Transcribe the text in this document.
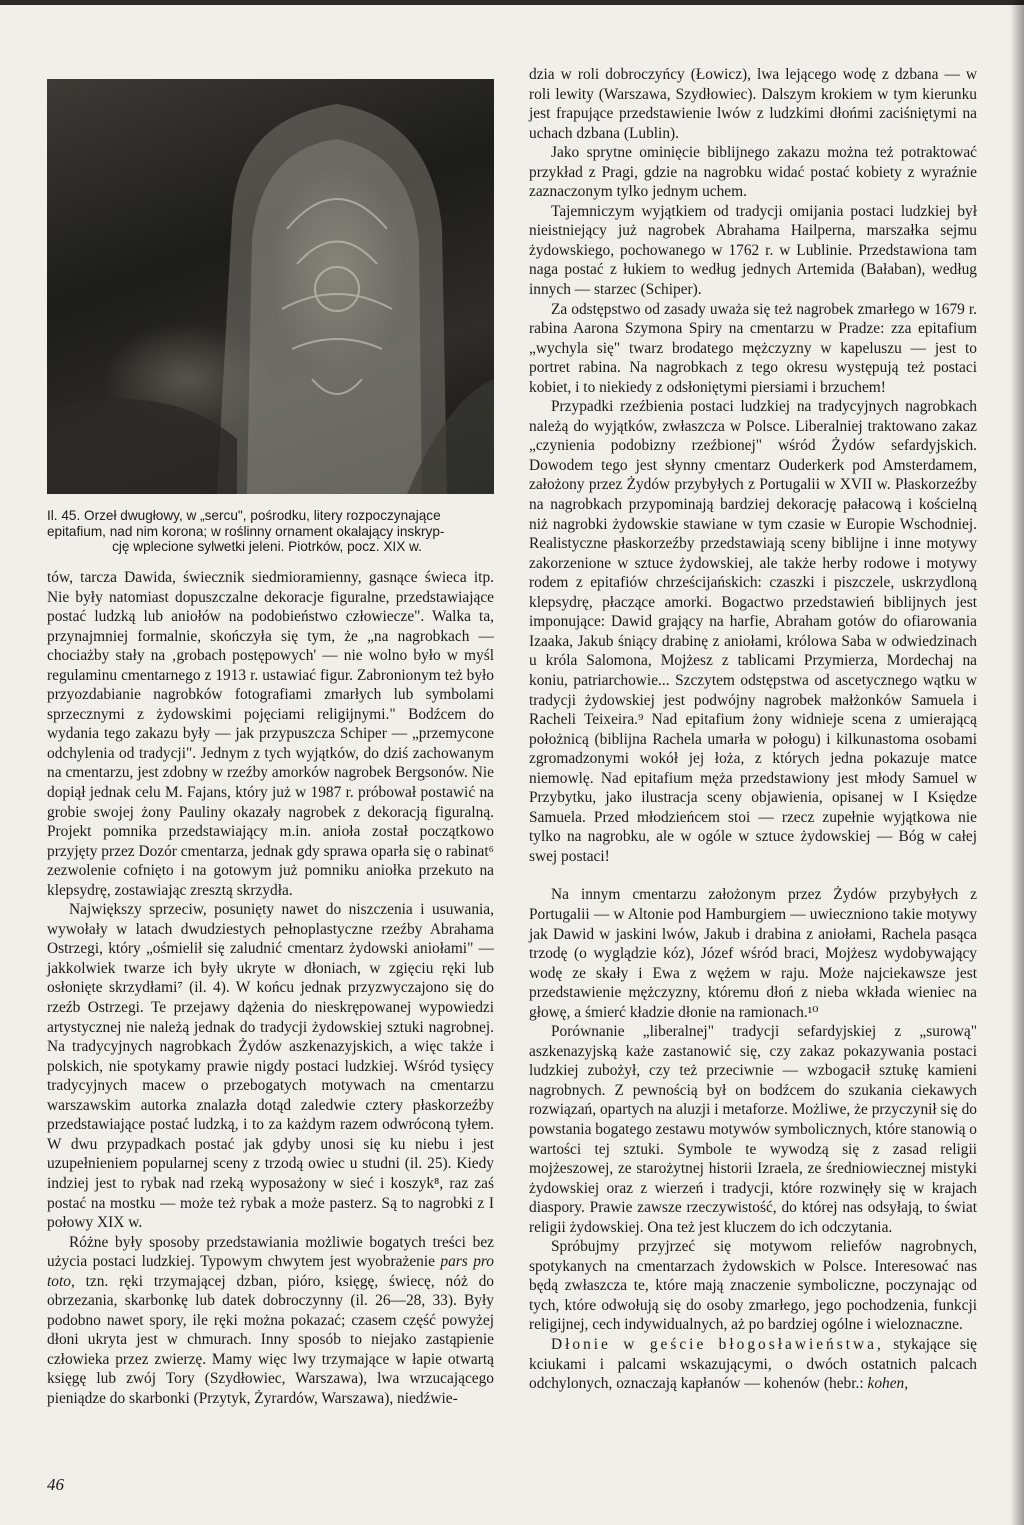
Il. 45. Orzeł dwugłowy, w „sercu", pośrodku, litery rozpoczynające
epitafium, nad nim korona; w roślinny ornament okalający inskryp-

cję wplecione sylwetki jeleni. Piotrków, pocz. XIX w.

tów, tarcza Dawida, świecznik siedmioramienny, gasnące świeca itp. Nie były natomiast dopuszczalne dekoracje figuralne, przedstawiające postać ludzką lub aniołów na podobieństwo człowiecze". Walka ta, przynajmniej formalnie, skończyła się tym, że „na nagrobkach — chociażby stały na ‚grobach postępowych' — nie wolno było w myśl regulaminu cmentarnego z 1913 r. ustawiać figur. Zabronionym też było przyozdabianie nagrobków fotografiami zmarłych lub symbolami sprzecznymi z żydowskimi pojęciami religijnymi." Bodźcem do wydania tego zakazu były — jak przypuszcza Schiper — „przemycone odchylenia od tradycji". Jednym z tych wyjątków, do dziś zachowanym na cmentarzu, jest zdobny w rzeźby amorków nagrobek Bergsonów. Nie dopiął jednak celu M. Fajans, który już w 1987 r. próbował postawić na grobie swojej żony Pauliny okazały nagrobek z dekoracją figuralną. Projekt pomnika przedstawiający m.in. anioła został początkowo przyjęty przez Dozór cmentarza, jednak gdy sprawa oparła się o rabinat⁶ zezwolenie cofnięto i na gotowym już pomniku aniołka przekuto na klepsydrę, zostawiając zresztą skrzydła.

Największy sprzeciw, posunięty nawet do niszczenia i usuwania, wywołały w latach dwudziestych pełnoplastyczne rzeźby Abrahama Ostrzegi, który „ośmielił się zaludnić cmentarz żydowski aniołami" — jakkolwiek twarze ich były ukryte w dłoniach, w zgięciu ręki lub osłonięte skrzydłami⁷ (il. 4). W końcu jednak przyzwyczajono się do rzeźb Ostrzegi. Te przejawy dążenia do nieskrępowanej wypowiedzi artystycznej nie należą jednak do tradycji żydowskiej sztuki nagrobnej. Na tradycyjnych nagrobkach Żydów aszkenazyjskich, a więc także i polskich, nie spotykamy prawie nigdy postaci ludzkiej. Wśród tysięcy tradycyjnych macew o przebogatych motywach na cmentarzu warszawskim autorka znalazła dotąd zaledwie cztery płaskorzeźby przedstawiające postać ludzką, i to za każdym razem odwróconą tyłem. W dwu przypadkach postać jak gdyby unosi się ku niebu i jest uzupełnieniem popularnej sceny z trzodą owiec u studni (il. 25). Kiedy indziej jest to rybak nad rzeką wyposażony w sieć i koszyk⁸, raz zaś postać na mostku — może też rybak a może pasterz. Są to nagrobki z I połowy XIX w.

Różne były sposoby przedstawiania możliwie bogatych treści bez użycia postaci ludzkiej. Typowym chwytem jest wyobrażenie pars pro toto, tzn. ręki trzymającej dzban, pióro, księgę, świecę, nóż do obrzezania, skarbonkę lub datek dobroczynny (il. 26—28, 33). Były podobno nawet spory, ile ręki można pokazać; czasem część powyżej dłoni ukryta jest w chmurach. Inny sposób to niejako zastąpienie człowieka przez zwierzę. Mamy więc lwy trzymające w łapie otwartą księgę lub zwój Tory (Szydłowiec, Warszawa), lwa wrzucającego pieniądze do skarbonki (Przytyk, Żyrardów, Warszawa), niedźwie-

dzia w roli dobroczyńcy (Łowicz), lwa lejącego wodę z dzbana — w roli lewity (Warszawa, Szydłowiec). Dalszym krokiem w tym kierunku jest frapujące przedstawienie lwów z ludzkimi dłońmi zaciśniętymi na uchach dzbana (Lublin).

Jako sprytne ominięcie biblijnego zakazu można też potraktować przykład z Pragi, gdzie na nagrobku widać postać kobiety z wyraźnie zaznaczonym tylko jednym uchem.

Tajemniczym wyjątkiem od tradycji omijania postaci ludzkiej był nieistniejący już nagrobek Abrahama Hailperna, marszałka sejmu żydowskiego, pochowanego w 1762 r. w Lublinie. Przedstawiona tam naga postać z łukiem to według jednych Artemida (Bałaban), według innych — starzec (Schiper).

Za odstępstwo od zasady uważa się też nagrobek zmarłego w 1679 r. rabina Aarona Szymona Spiry na cmentarzu w Pradze: zza epitafium „wychyla się" twarz brodatego mężczyzny w kapeluszu — jest to portret rabina. Na nagrobkach z tego okresu występują też postaci kobiet, i to niekiedy z odsłoniętymi piersiami i brzuchem!

Przypadki rzeźbienia postaci ludzkiej na tradycyjnych nagrobkach należą do wyjątków, zwłaszcza w Polsce. Liberalniej traktowano zakaz „czynienia podobizny rzeźbionej" wśród Żydów sefardyjskich. Dowodem tego jest słynny cmentarz Ouderkerk pod Amsterdamem, założony przez Żydów przybyłych z Portugalii w XVII w. Płaskorzeźby na nagrobkach przypominają bardziej dekorację pałacową i kościelną niż nagrobki żydowskie stawiane w tym czasie w Europie Wschodniej. Realistyczne płaskorzeźby przedstawiają sceny biblijne i inne motywy zakorzenione w sztuce żydowskiej, ale także herby rodowe i motywy rodem z epitafiów chrześcijańskich: czaszki i piszczele, uskrzydloną klepsydrę, płaczące amorki. Bogactwo przedstawień biblijnych jest imponujące: Dawid grający na harfie, Abraham gotów do ofiarowania Izaaka, Jakub śniący drabinę z aniołami, królowa Saba w odwiedzinach u króla Salomona, Mojżesz z tablicami Przymierza, Mordechaj na koniu, patriarchowie... Szczytem odstępstwa od ascetycznego wątku w tradycji żydowskiej jest podwójny nagrobek małżonków Samuela i Racheli Teixeira.⁹ Nad epitafium żony widnieje scena z umierającą położnicą (biblijna Rachela umarła w połogu) i kilkunastoma osobami zgromadzonymi wokół jej łoża, z których jedna pokazuje matce niemowlę. Nad epitafium męża przedstawiony jest młody Samuel w Przybytku, jako ilustracja sceny objawienia, opisanej w I Księdze Samuela. Przed młodzieńcem stoi — rzecz zupełnie wyjątkowa nie tylko na nagrobku, ale w ogóle w sztuce żydowskiej — Bóg w całej swej postaci!

Na innym cmentarzu założonym przez Żydów przybyłych z Portugalii — w Altonie pod Hamburgiem — uwieczniono takie motywy jak Dawid w jaskini lwów, Jakub i drabina z aniołami, Rachela pasąca trzodę (o wyglądzie kóz), Józef wśród braci, Mojżesz wydobywający wodę ze skały i Ewa z wężem w raju. Może najciekawsze jest przedstawienie mężczyzny, któremu dłoń z nieba wkłada wieniec na głowę, a śmierć kładzie dłonie na ramionach.¹⁰

Porównanie „liberalnej" tradycji sefardyjskiej z „surową" aszkenazyjską każe zastanowić się, czy zakaz pokazywania postaci ludzkiej zubożył, czy też przeciwnie — wzbogacił sztukę kamieni nagrobnych. Z pewnością był on bodźcem do szukania ciekawych rozwiązań, opartych na aluzji i metaforze. Możliwe, że przyczynił się do powstania bogatego zestawu motywów symbolicznych, które stanowią o wartości tej sztuki. Symbole te wywodzą się z zasad religii mojżeszowej, ze starożytnej historii Izraela, ze średniowiecznej mistyki żydowskiej oraz z wierzeń i tradycji, które rozwinęły się w krajach diaspory. Prawie zawsze rzeczywistość, do której nas odsyłają, to świat religii żydowskiej. Ona też jest kluczem do ich odczytania.

Spróbujmy przyjrzeć się motywom reliefów nagrobnych, spotykanych na cmentarzach żydowskich w Polsce. Interesować nas będą zwłaszcza te, które mają znaczenie symboliczne, poczynając od tych, które odwołują się do osoby zmarłego, jego pochodzenia, funkcji religijnej, cech indywidualnych, aż po bardziej ogólne i wieloznaczne.

Dłonie w geście błogosławieństwa, stykające się kciukami i palcami wskazującymi, o dwóch ostatnich palcach odchylonych, oznaczają kapłanów — kohenów (hebr.: kohen,

46
